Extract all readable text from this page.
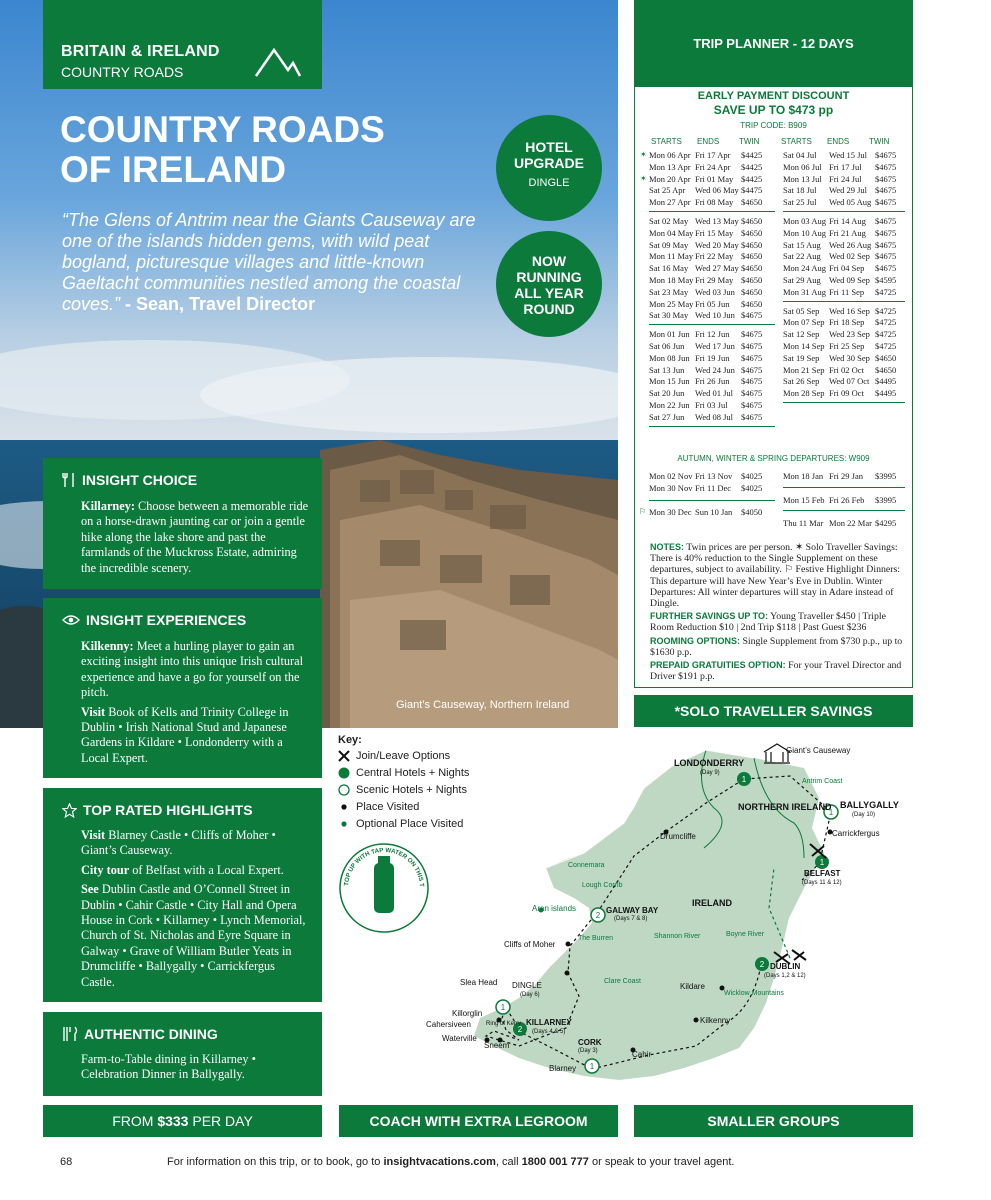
BRITAIN & IRELAND
COUNTRY ROADS
COUNTRY ROADS
OF IRELAND
“The Glens of Antrim near the Giants Causeway are one of the islands hidden gems, with wild peat bogland, picturesque villages and little-known Gaeltacht communities nestled among the coastal coves.” - Sean, Travel Director
HOTEL
UPGRADE
DINGLE
NOW
RUNNING
ALL YEAR
ROUND
Giant’s Causeway, Northern Ireland
INSIGHT CHOICE
Killarney: Choose between a memorable ride on a horse-drawn jaunting car or join a gentle hike along the lake shore and past the farmlands of the Muckross Estate, admiring the incredible scenery.
INSIGHT EXPERIENCES
Kilkenny: Meet a hurling player to gain an exciting insight into this unique Irish cultural experience and have a go for yourself on the pitch.
Visit Book of Kells and Trinity College in Dublin • Irish National Stud and Japanese Gardens in Kildare • Londonderry with a Local Expert.
TOP RATED HIGHLIGHTS
Visit Blarney Castle • Cliffs of Moher • Giant’s Causeway.
City tour of Belfast with a Local Expert.
See Dublin Castle and O’Connell Street in Dublin • Cahir Castle • City Hall and Opera House in Cork • Killarney • Lynch Memorial, Church of St. Nicholas and Eyre Square in Galway • Grave of William Butler Yeats in Drumcliffe • Ballygally • Carrickfergus Castle.
AUTHENTIC DINING
Farm-to-Table dining in Killarney • Celebration Dinner in Ballygally.
TRIP PLANNER - 12 DAYS
EARLY PAYMENT DISCOUNT
SAVE UP TO $473 pp
TRIP CODE: B909
STARTS ENDS TWIN	STARTS ENDS TWIN
Mon 06 Apr Fri 17 Apr $4425
✶
Mon 13 Apr Fri 24 Apr $4425
Mon 20 Apr Fri 01 May $4425
✶
Sat 25 Apr Wed 06 May $4475
Mon 27 Apr Fri 08 May $4650
Sat 02 May Wed 13 May $4650
Mon 04 May Fri 15 May $4650
Sat 09 May Wed 20 May $4650
Mon 11 May Fri 22 May $4650
Sat 16 May Wed 27 May $4650
Mon 18 May Fri 29 May $4650
Sat 23 May Wed 03 Jun $4650
Mon 25 May Fri 05 Jun $4650
Sat 30 May Wed 10 Jun $4675
Mon 01 Jun Fri 12 Jun $4675
Sat 06 Jun Wed 17 Jun $4675
Mon 08 Jun Fri 19 Jun $4675
Sat 13 Jun Wed 24 Jun $4675
Mon 15 Jun Fri 26 Jun $4675
Sat 20 Jun Wed 01 Jul $4675
Mon 22 Jun Fri 03 Jul $4675
Sat 27 Jun Wed 08 Jul $4675
Sat 04 Jul Wed 15 Jul $4675
Mon 06 Jul Fri 17 Jul $4675
Mon 13 Jul Fri 24 Jul $4675
Sat 18 Jul Wed 29 Jul $4675
Sat 25 Jul Wed 05 Aug $4675
Mon 03 Aug Fri 14 Aug $4675
Mon 10 Aug Fri 21 Aug $4675
Sat 15 Aug Wed 26 Aug $4675
Sat 22 Aug Wed 02 Sep $4675
Mon 24 Aug Fri 04 Sep $4675
Sat 29 Aug Wed 09 Sep $4595
Mon 31 Aug Fri 11 Sep $4725
Sat 05 Sep Wed 16 Sep $4725
Mon 07 Sep Fri 18 Sep $4725
Sat 12 Sep Wed 23 Sep $4725
Mon 14 Sep Fri 25 Sep $4725
Sat 19 Sep Wed 30 Sep $4650
Mon 21 Sep Fri 02 Oct $4650
Sat 26 Sep Wed 07 Oct $4495
Mon 28 Sep Fri 09 Oct $4495
AUTUMN, WINTER & SPRING DEPARTURES: W909
Mon 02 Nov Fri 13 Nov $4025
Mon 30 Nov Fri 11 Dec $4025
Mon 30 Dec Sun 10 Jan $4050
⚐
Mon 18 Jan Fri 29 Jan $3995
Mon 15 Feb Fri 26 Feb $3995
Thu 11 Mar Mon 22 Mar $4295
NOTES: Twin prices are per person. ✶ Solo Traveller Savings: There is 40% reduction to the Single Supplement on these departures, subject to availability. ⚐ Festive Highlight Dinners: This departure will have New Year’s Eve in Dublin. Winter Departures: All winter departures will stay in Adare instead of Dingle.
FURTHER SAVINGS UP TO: Young Traveller $450 | Triple Room Reduction $10 | 2nd Trip $118 | Past Guest $236
ROOMING OPTIONS: Single Supplement from $730 p.p., up to $1630 p.p.
PREPAID GRATUITIES OPTION: For your Travel Director and Driver $191 p.p.
*SOLO TRAVELLER SAVINGS
1
1
1
2
2
1
2
1
TOP UP WITH TAP WATER ON THIS T
Key:
Join/Leave Options
Central Hotels + Nights
Scenic Hotels + Nights
Place Visited
Optional Place Visited
LONDONDERRY
(Day 9)
Giant’s Causeway
Antrim Coast
NORTHERN IRELAND BALLYGALLY
(Day 10)
Carrickfergus
BELFAST
(Days 11 & 12)
Drumcliffe
Connemara
Lough Corrib
Aran islands	GALWAY BAY
(Days 7 & 8)
IRELAND
The Burren	Shannon River	Boyne River
Cliffs of Moher
DUBLIN
(Days 1,2 & 12)
Clare Coast
Kildare
Wicklow Mountains
Slea Head DINGLE
(Day 6)
Killorglin
Cahersiveen	Ring of Kerry
Waterville
Sneem
KILLARNEY
(Days 4 & 5)
Kilkenny
CORK
(Day 3)	Cahir
Blarney
FROM $333 PER DAY	COACH WITH EXTRA LEGROOM	SMALLER GROUPS
68	For information on this trip, or to book, go to insightvacations.com, call 1800 001 777 or speak to your travel agent.
